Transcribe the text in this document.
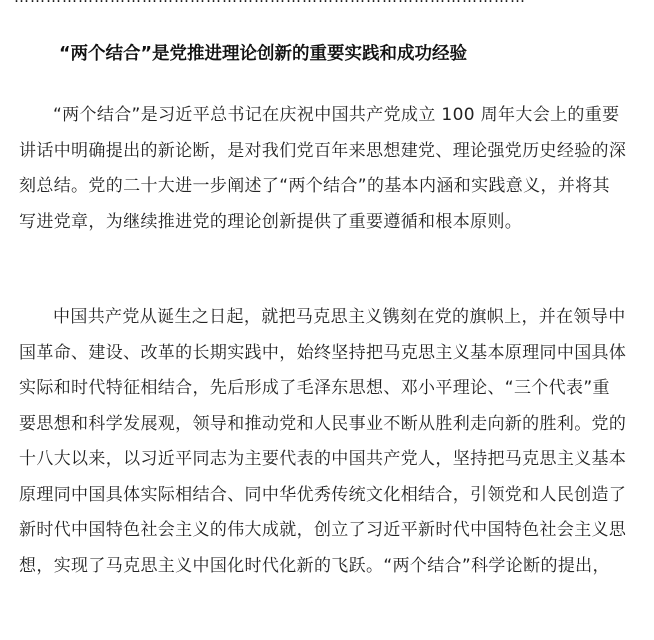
“两个结合”是党推进理论创新的重要实践和成功经验
“两个结合”是习近平总书记在庆祝中国共产党成立 100 周年大会上的重要
讲话中明确提出的新论断，是对我们党百年来思想建党、理论强党历史经验的深
刻总结。党的二十大进一步阐述了“两个结合”的基本内涵和实践意义，并将其
写进党章，为继续推进党的理论创新提供了重要遵循和根本原则。
中国共产党从诞生之日起，就把马克思主义镌刻在党的旗帜上，并在领导中
国革命、建设、改革的长期实践中，始终坚持把马克思主义基本原理同中国具体
实际和时代特征相结合，先后形成了毛泽东思想、邓小平理论、“三个代表”重
要思想和科学发展观，领导和推动党和人民事业不断从胜利走向新的胜利。党的
十八大以来，以习近平同志为主要代表的中国共产党人，坚持把马克思主义基本
原理同中国具体实际相结合、同中华优秀传统文化相结合，引领党和人民创造了
新时代中国特色社会主义的伟大成就，创立了习近平新时代中国特色社会主义思
想，实现了马克思主义中国化时代化新的飞跃。“两个结合”科学论断的提出，
